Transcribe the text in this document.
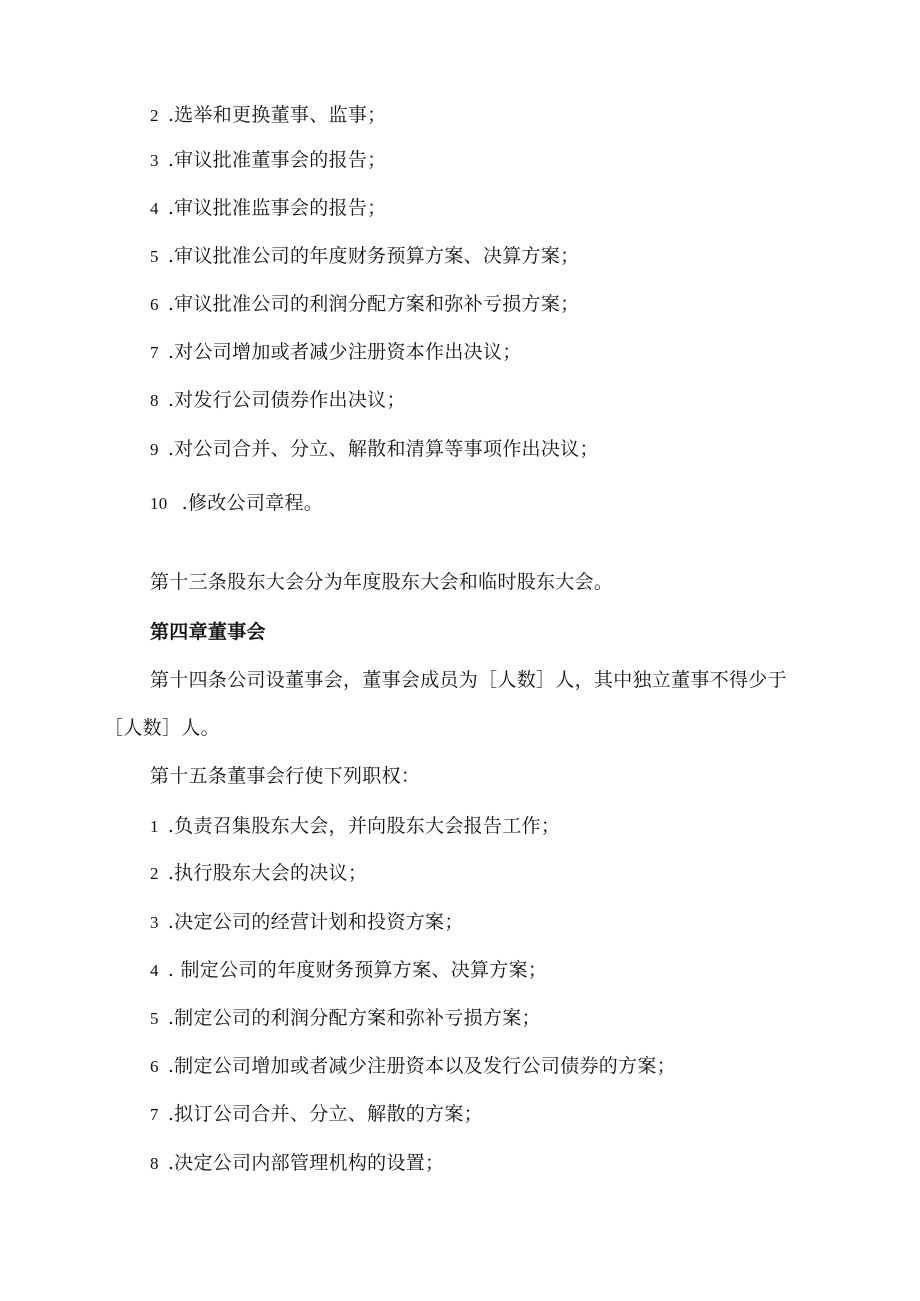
2 .选举和更换董事、监事；
3 .审议批准董事会的报告；
4 .审议批准监事会的报告；
5 .审议批准公司的年度财务预算方案、决算方案；
6 .审议批准公司的利润分配方案和弥补亏损方案；
7 .对公司增加或者减少注册资本作出决议；
8 .对发行公司债券作出决议；
9 .对公司合并、分立、解散和清算等事项作出决议；
10 .修改公司章程。
第十三条股东大会分为年度股东大会和临时股东大会。
第四章董事会
第十四条公司设董事会，董事会成员为［人数］人，其中独立董事不得少于
［人数］人。
第十五条董事会行使下列职权：
1 .负责召集股东大会，并向股东大会报告工作；
2 .执行股东大会的决议；
3 .决定公司的经营计划和投资方案；
4 . 制定公司的年度财务预算方案、决算方案；
5 .制定公司的利润分配方案和弥补亏损方案；
6 .制定公司增加或者减少注册资本以及发行公司债券的方案；
7 .拟订公司合并、分立、解散的方案；
8 .决定公司内部管理机构的设置；
